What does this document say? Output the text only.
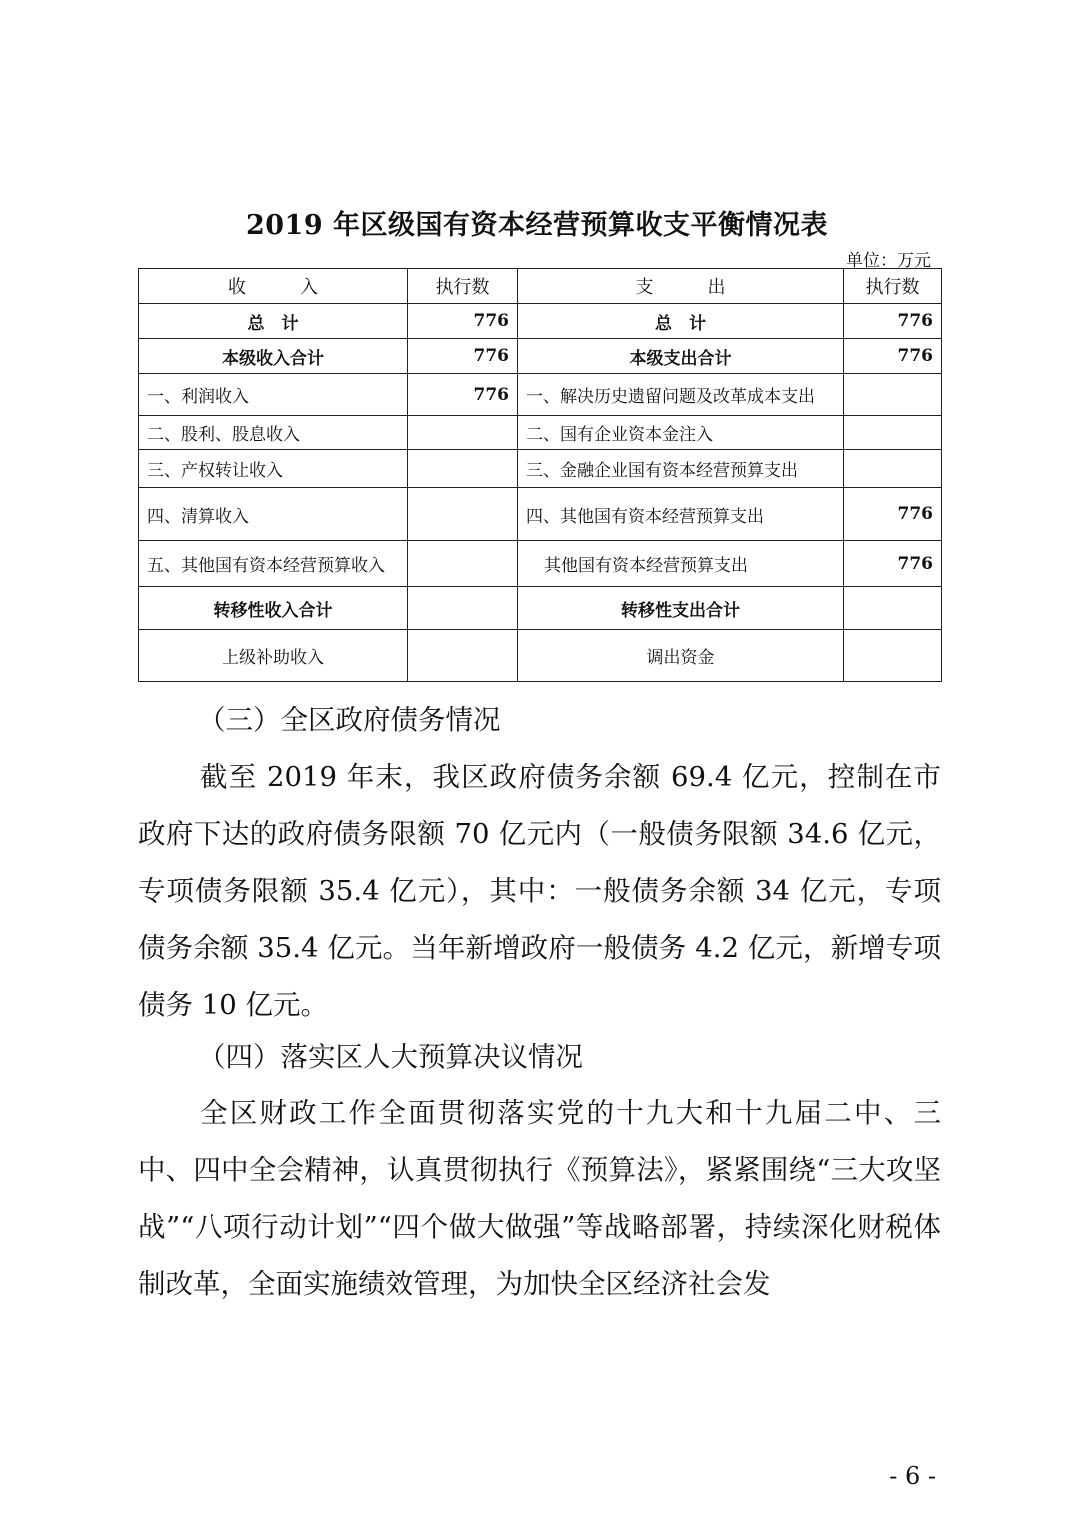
2019 年区级国有资本经营预算收支平衡情况表
单位：万元
收　　　入	执行数	支　　　出	执行数
总　计	776	总　计	776
本级收入合计	776	本级支出合计	776
一、利润收入	776	一、解决历史遗留问题及改革成本支出	
二、股利、股息收入		二、国有企业资本金注入	
三、产权转让收入		三、金融企业国有资本经营预算支出	
四、清算收入		四、其他国有资本经营预算支出	776
五、其他国有资本经营预算收入		其他国有资本经营预算支出	776
转移性收入合计		转移性支出合计	
上级补助收入		调出资金	

（三）全区政府债务情况

截至 2019 年末，我区政府债务余额 69.4 亿元，控制在市政府下达的政府债务限额 70 亿元内（一般债务限额 34.6 亿元，专项债务限额 35.4 亿元），其中：一般债务余额 34 亿元，专项债务余额 35.4 亿元。当年新增政府一般债务 4.2 亿元，新增专项债务 10 亿元。

（四）落实区人大预算决议情况

全区财政工作全面贯彻落实党的十九大和十九届二中、三中、四中全会精神，认真贯彻执行《预算法》，紧紧围绕“三大攻坚战”“八项行动计划”“四个做大做强”等战略部署，持续深化财税体制改革，全面实施绩效管理，为加快全区经济社会发

- 6 -
